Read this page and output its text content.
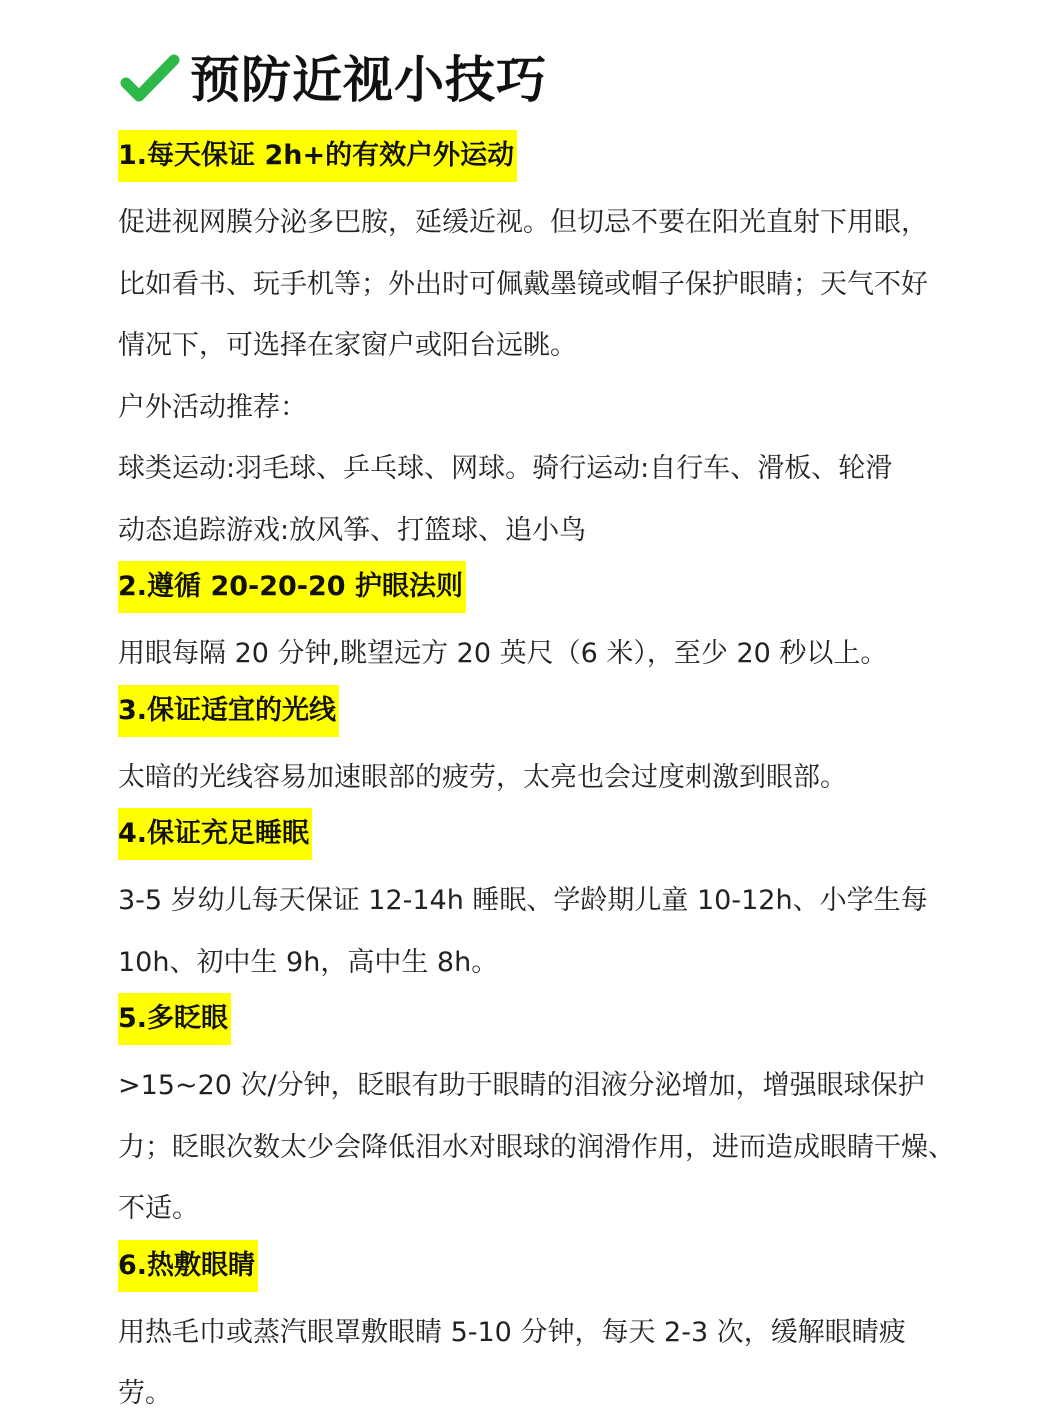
预防近视小技巧
1.每天保证 2h+的有效户外运动

促进视网膜分泌多巴胺，延缓近视。但切忌不要在阳光直射下用眼，

比如看书、玩手机等；外出时可佩戴墨镜或帽子保护眼睛；天气不好

情况下，可选择在家窗户或阳台远眺。

户外活动推荐：

球类运动:羽毛球、乒乓球、网球。骑行运动:自行车、滑板、轮滑

动态追踪游戏:放风筝、打篮球、追小鸟

2.遵循 20-20-20 护眼法则

用眼每隔 20 分钟,眺望远方 20 英尺（6 米），至少 20 秒以上。

3.保证适宜的光线

太暗的光线容易加速眼部的疲劳，太亮也会过度刺激到眼部。

4.保证充足睡眠

3-5 岁幼儿每天保证 12-14h 睡眠、学龄期儿童 10-12h、小学生每

10h、初中生 9h，高中生 8h。

5.多眨眼

>15~20 次/分钟，眨眼有助于眼睛的泪液分泌增加，增强眼球保护

力；眨眼次数太少会降低泪水对眼球的润滑作用，进而造成眼睛干燥、

不适。

6.热敷眼睛

用热毛巾或蒸汽眼罩敷眼睛 5-10 分钟，每天 2-3 次，缓解眼睛疲劳。
